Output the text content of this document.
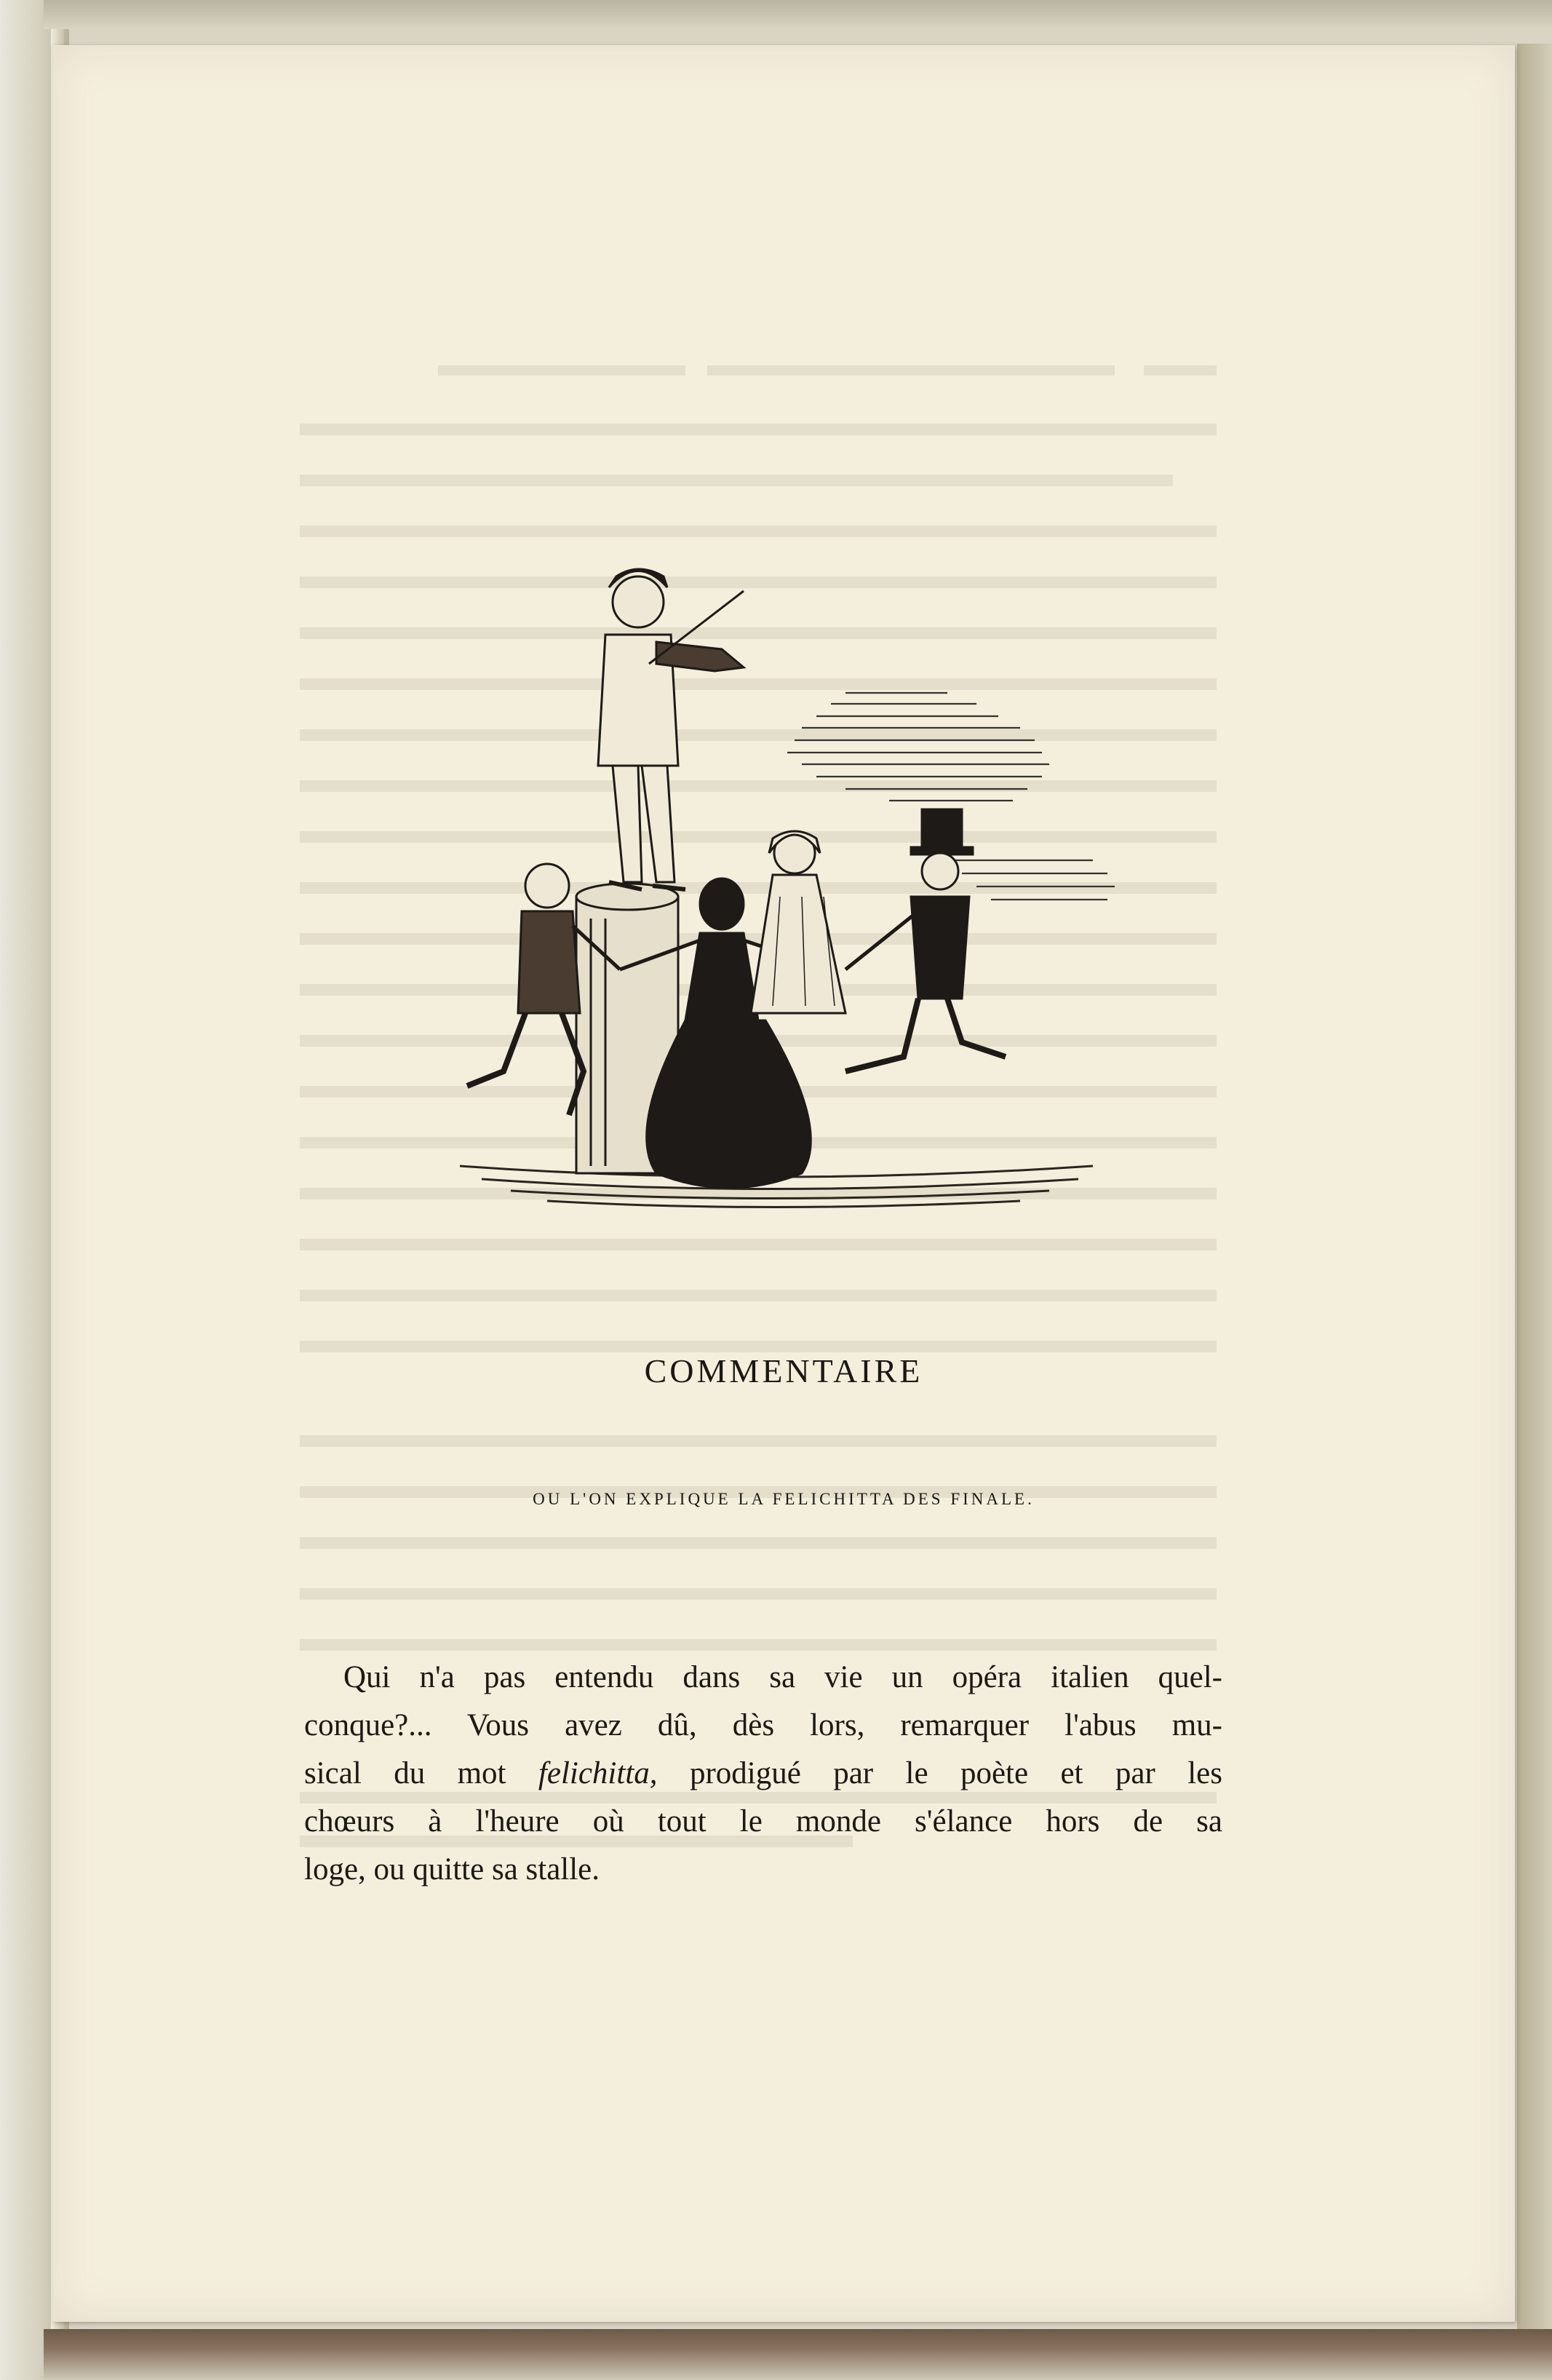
COMMENTAIRE
OU L'ON EXPLIQUE LA FELICHITTA DES FINALE.
Qui n'a pas entendu dans sa vie un opéra italien quel-
conque?... Vous avez dû, dès lors, remarquer l'abus mu-
sical du mot felichitta, prodigué par le poète et par les
chœurs à l'heure où tout le monde s'élance hors de sa
loge, ou quitte sa stalle.
